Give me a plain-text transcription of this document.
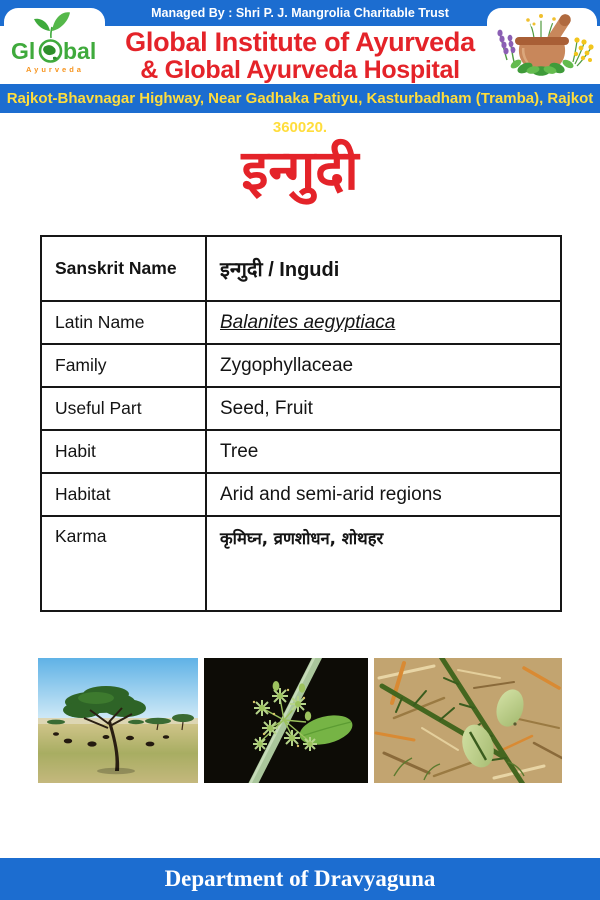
Managed By : Shri P. J. Mangrolia Charitable Trust
Global Institute of Ayurveda
& Global Ayurveda Hospital
Rajkot-Bhavnagar Highway, Near Gadhaka Patiyu, Kasturbadham (Tramba), Rajkot 360020.
Gl bal
Ayurveda
इन्गुदी
Sanskrit Name	इन्गुदी / Ingudi
Latin Name	Balanites aegyptiaca
Family	Zygophyllaceae
Useful Part	Seed, Fruit
Habit	Tree
Habitat	Arid and semi-arid regions
Karma	कृमिघ्न, व्रणशोधन, शोथहर
Department of Dravyaguna
